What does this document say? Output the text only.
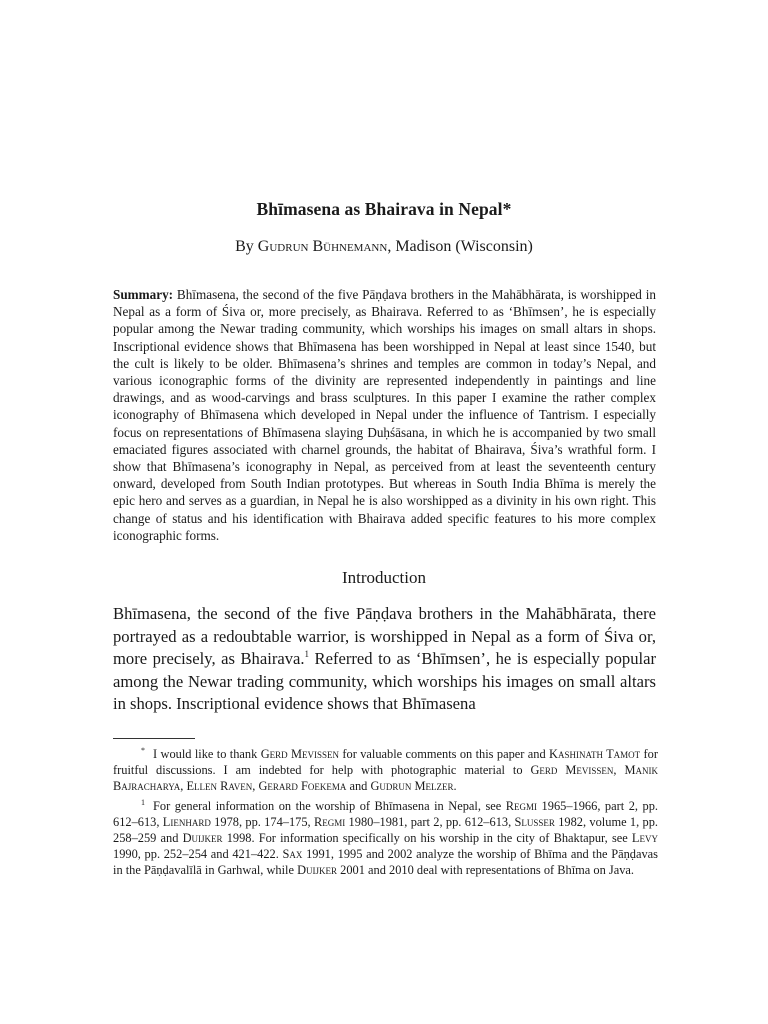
Bhīmasena as Bhairava in Nepal*
By Gudrun Bühnemann, Madison (Wisconsin)
Summary: Bhīmasena, the second of the five Pāṇḍava brothers in the Mahābhārata, is worshipped in Nepal as a form of Śiva or, more precisely, as Bhairava. Referred to as ‘Bhīmsen’, he is especially popular among the Newar trading community, which worships his images on small altars in shops. Inscriptional evidence shows that Bhīmasena has been worshipped in Nepal at least since 1540, but the cult is likely to be older. Bhīmasena’s shrines and temples are common in today’s Nepal, and various iconographic forms of the divinity are represented independently in paintings and line drawings, and as wood-carvings and brass sculptures. In this paper I examine the rather complex iconography of Bhīmasena which developed in Nepal under the influence of Tantrism. I especially focus on representations of Bhīmasena slaying Duḥśāsana, in which he is accompanied by two small emaciated figures associated with charnel grounds, the habitat of Bhairava, Śiva’s wrathful form. I show that Bhīmasena’s iconography in Nepal, as perceived from at least the seventeenth century onward, developed from South Indian prototypes. But whereas in South India Bhīma is merely the epic hero and serves as a guardian, in Nepal he is also worshipped as a divinity in his own right. This change of status and his identification with Bhairava added specific features to his more complex iconographic forms.
Introduction
Bhīmasena, the second of the five Pāṇḍava brothers in the Mahābhārata, there portrayed as a redoubtable warrior, is worshipped in Nepal as a form of Śiva or, more precisely, as Bhairava.$^1$ Referred to as ‘Bhīmsen’, he is especially popular among the Newar trading community, which worships his images on small altars in shops. Inscriptional evidence shows that Bhīmasena

* I would like to thank Gerd Mevissen for valuable comments on this paper and Kashinath Tamot for fruitful discussions. I am indebted for help with photographic material to Gerd Mevissen, Manik Bajracharya, Ellen Raven, Gerard Foekema and Gudrun Melzer.

1 For general information on the worship of Bhīmasena in Nepal, see Regmi 1965–1966, part 2, pp. 612–613, Lienhard 1978, pp. 174–175, Regmi 1980–1981, part 2, pp. 612–613, Slusser 1982, volume 1, pp. 258–259 and Duijker 1998. For information specifically on his worship in the city of Bhaktapur, see Levy 1990, pp. 252–254 and 421–422. Sax 1991, 1995 and 2002 analyze the worship of Bhīma and the Pāṇḍavas in the Pāṇḍavalīlā in Garhwal, while Duijker 2001 and 2010 deal with representations of Bhīma on Java.
